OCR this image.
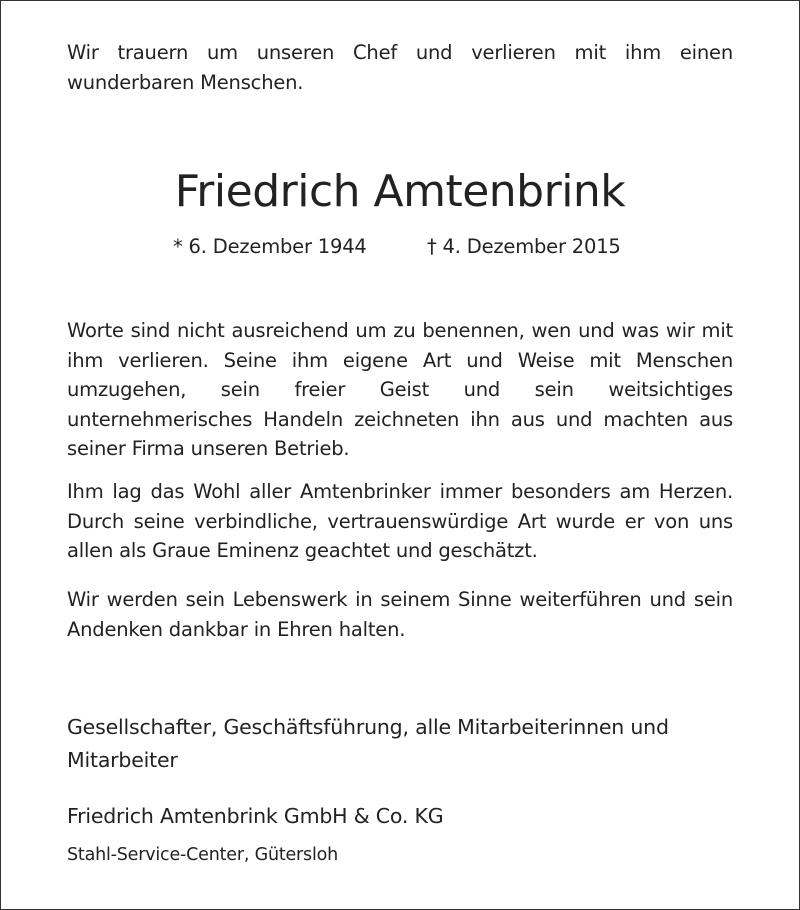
Wir trauern um unseren Chef und verlieren mit ihm einen wunderbaren Menschen.

Friedrich Amtenbrink
* 6. Dezember 1944	† 4. Dezember 2015

Worte sind nicht ausreichend um zu benennen, wen und was wir mit ihm verlieren. Seine ihm eigene Art und Weise mit Menschen umzugehen, sein freier Geist und sein weitsichtiges unternehmerisches Handeln zeichneten ihn aus und machten aus seiner Firma unseren Betrieb.

Ihm lag das Wohl aller Amtenbrinker immer besonders am Herzen. Durch seine verbindliche, vertrauenswürdige Art wurde er von uns allen als Graue Eminenz geachtet und geschätzt.

Wir werden sein Lebenswerk in seinem Sinne weiterführen und sein Andenken dankbar in Ehren halten.

Gesellschafter, Geschäftsführung, alle Mitarbeiterinnen und Mitarbeiter

Friedrich Amtenbrink GmbH & Co. KG

Stahl-Service-Center, Gütersloh
